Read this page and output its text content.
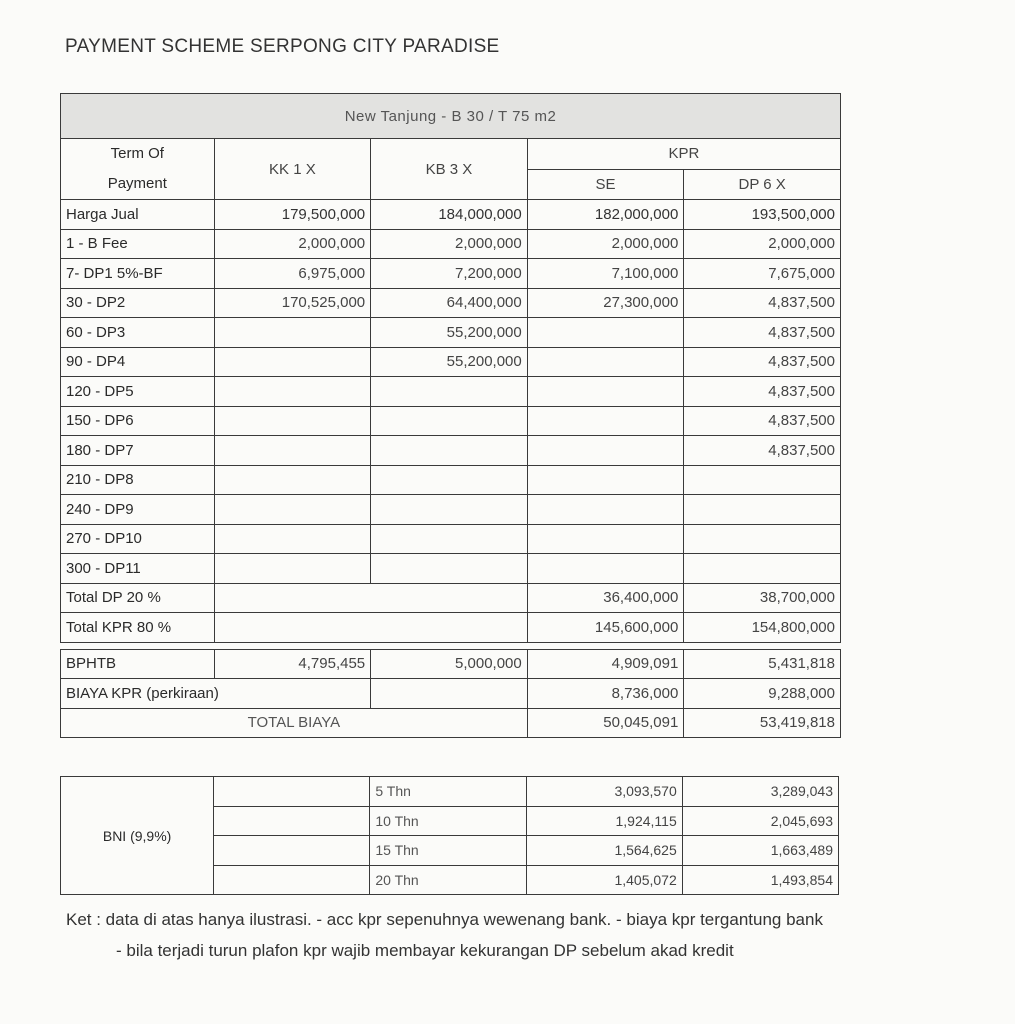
PAYMENT SCHEME SERPONG CITY PARADISE
New Tanjung - B 30 / T 75 m2				
Term Of
Payment	KK 1 X	KB 3 X	KPR	
			SE	DP 6 X
Harga Jual	179,500,000	184,000,000	182,000,000	193,500,000
1 - B Fee	2,000,000	2,000,000	2,000,000	2,000,000
7- DP1 5%-BF	6,975,000	7,200,000	7,100,000	7,675,000
30 - DP2	170,525,000	64,400,000	27,300,000	4,837,500
60 - DP3		55,200,000		4,837,500
90 - DP4		55,200,000		4,837,500
120 - DP5				4,837,500
150 - DP6				4,837,500
180 - DP7				4,837,500
210 - DP8				
240 - DP9				
270 - DP10				
300 - DP11				
Total DP 20 %			36,400,000	38,700,000
Total KPR 80 %			145,600,000	154,800,000

BPHTB	4,795,455	5,000,000	4,909,091	5,431,818
BIAYA KPR (perkiraan)			8,736,000	9,288,000
TOTAL BIAYA			50,045,091	53,419,818
BNI (9,9%)		5 Thn	3,093,570	3,289,043
		10 Thn	1,924,115	2,045,693
		15 Thn	1,564,625	1,663,489
		20 Thn	1,405,072	1,493,854
Ket : data di atas hanya ilustrasi. - acc kpr sepenuhnya wewenang bank. - biaya kpr tergantung bank
- bila terjadi turun plafon kpr wajib membayar kekurangan DP sebelum akad kredit
